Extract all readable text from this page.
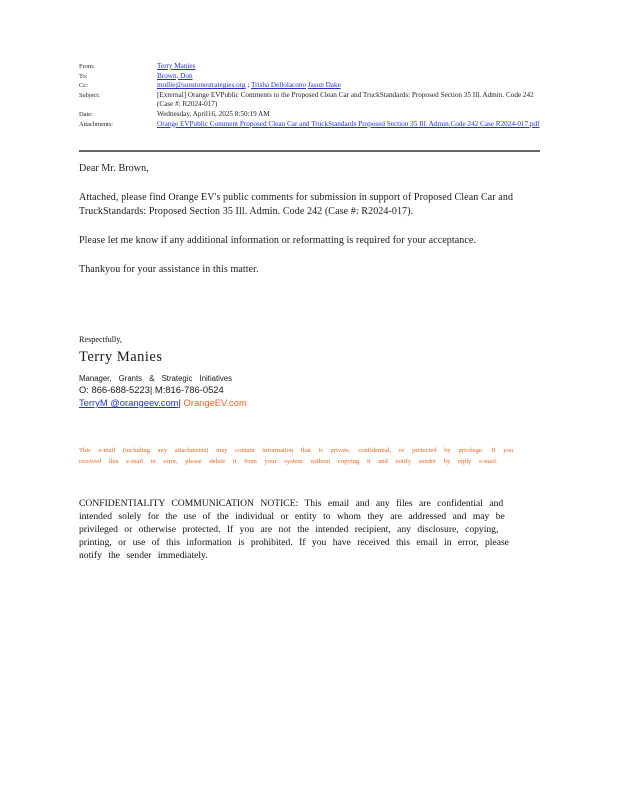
From:	Terry Manies
To:	Brown, Don
Cc:	mollie@sunstonestrategies.org ; Trisha Dellolacono Jason Dake
Subject:	[External] Orange EVPublic Comments to the Proposed Clean Car and TruckStandards: Proposed Section 35 Ill. Admin. Code 242 (Case #: R2024-017)
Date:	Wednesday, April16, 2025 8:50:19 AM
Attachments:	Orange EVPublic Comment Proposed Clean Car and TruckStandards Proposed Section 35 Ill. Admin.Code 242 Case R2024-017.pdf

Dear Mr. Brown,

Attached, please find Orange EV's public comments for submission in support of Proposed Clean Car and TruckStandards: Proposed Section 35 Ill. Admin. Code 242 (Case #: R2024-017).

Please let me know if any additional information or reformatting is required for your acceptance.

Thankyou for your assistance in this matter.

Respectfully,
Terry Manies
Manager, Grants & Strategic Initiatives
O: 866-688-5223| M:816-786-0524
TerryM @orangeev.com| OrangeEV.com
This e-mail (including any attachments) may contain information that is private, confidential, or protected by privilege. If you received this e-mail in error, please delete it from your system without copying it and notify sender by reply e-mail.
CONFIDENTIALITY COMMUNICATION NOTICE: This email and any files are confidential and intended solely for the use of the individual or entity to whom they are addressed and may be privileged or otherwise protected. If you are not the intended recipient, any disclosure, copying, printing, or use of this information is prohibited. If you have received this email in error, please notify the sender immediately.
